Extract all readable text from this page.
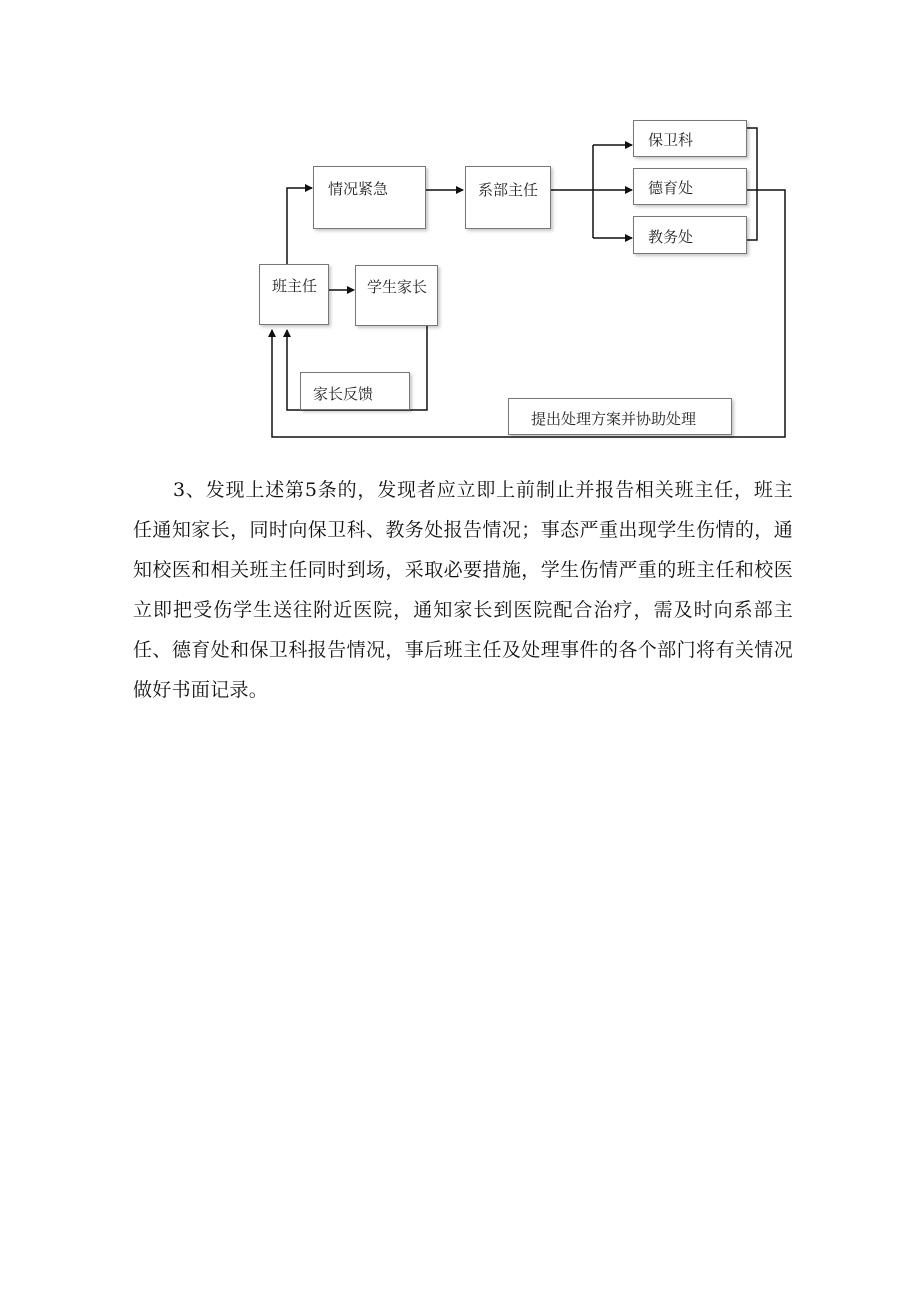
情况紧急	系部主任
保卫科
德育处
教务处
班主任	学生家长
家长反馈
提出处理方案并协助处理

3、发现上述第5条的，发现者应立即上前制止并报告相关班主任，班主任通知家长，同时向保卫科、教务处报告情况；事态严重出现学生伤情的，通知校医和相关班主任同时到场，采取必要措施，学生伤情严重的班主任和校医立即把受伤学生送往附近医院，通知家长到医院配合治疗，需及时向系部主任、德育处和保卫科报告情况，事后班主任及处理事件的各个部门将有关情况做好书面记录。
